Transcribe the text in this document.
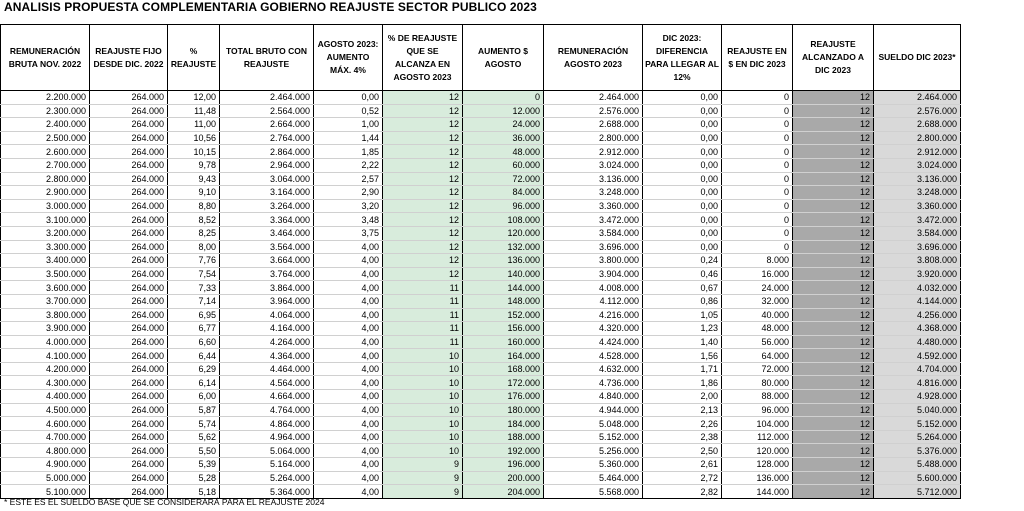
ANALISIS PROPUESTA COMPLEMENTARIA GOBIERNO REAJUSTE SECTOR PUBLICO 2023
REMUNERACIÓN BRUTA NOV. 2022	REAJUSTE FIJO DESDE DIC. 2022	% REAJUSTE	TOTAL BRUTO CON REAJUSTE	AGOSTO 2023: AUMENTO MÁX. 4%	% DE REAJUSTE QUE SE ALCANZA EN AGOSTO 2023	AUMENTO $ AGOSTO	REMUNERACIÓN AGOSTO 2023	DIC 2023: DIFERENCIA PARA LLEGAR AL 12%	REAJUSTE EN $ EN DIC 2023	REAJUSTE ALCANZADO A DIC 2023	SUELDO DIC 2023*
2.200.000	264.000	12,00	2.464.000	0,00	12	0	2.464.000	0,00	0	12	2.464.000
2.300.000	264.000	11,48	2.564.000	0,52	12	12.000	2.576.000	0,00	0	12	2.576.000
2.400.000	264.000	11,00	2.664.000	1,00	12	24.000	2.688.000	0,00	0	12	2.688.000
2.500.000	264.000	10,56	2.764.000	1,44	12	36.000	2.800.000	0,00	0	12	2.800.000
2.600.000	264.000	10,15	2.864.000	1,85	12	48.000	2.912.000	0,00	0	12	2.912.000
2.700.000	264.000	9,78	2.964.000	2,22	12	60.000	3.024.000	0,00	0	12	3.024.000
2.800.000	264.000	9,43	3.064.000	2,57	12	72.000	3.136.000	0,00	0	12	3.136.000
2.900.000	264.000	9,10	3.164.000	2,90	12	84.000	3.248.000	0,00	0	12	3.248.000
3.000.000	264.000	8,80	3.264.000	3,20	12	96.000	3.360.000	0,00	0	12	3.360.000
3.100.000	264.000	8,52	3.364.000	3,48	12	108.000	3.472.000	0,00	0	12	3.472.000
3.200.000	264.000	8,25	3.464.000	3,75	12	120.000	3.584.000	0,00	0	12	3.584.000
3.300.000	264.000	8,00	3.564.000	4,00	12	132.000	3.696.000	0,00	0	12	3.696.000
3.400.000	264.000	7,76	3.664.000	4,00	12	136.000	3.800.000	0,24	8.000	12	3.808.000
3.500.000	264.000	7,54	3.764.000	4,00	12	140.000	3.904.000	0,46	16.000	12	3.920.000
3.600.000	264.000	7,33	3.864.000	4,00	11	144.000	4.008.000	0,67	24.000	12	4.032.000
3.700.000	264.000	7,14	3.964.000	4,00	11	148.000	4.112.000	0,86	32.000	12	4.144.000
3.800.000	264.000	6,95	4.064.000	4,00	11	152.000	4.216.000	1,05	40.000	12	4.256.000
3.900.000	264.000	6,77	4.164.000	4,00	11	156.000	4.320.000	1,23	48.000	12	4.368.000
4.000.000	264.000	6,60	4.264.000	4,00	11	160.000	4.424.000	1,40	56.000	12	4.480.000
4.100.000	264.000	6,44	4.364.000	4,00	10	164.000	4.528.000	1,56	64.000	12	4.592.000
4.200.000	264.000	6,29	4.464.000	4,00	10	168.000	4.632.000	1,71	72.000	12	4.704.000
4.300.000	264.000	6,14	4.564.000	4,00	10	172.000	4.736.000	1,86	80.000	12	4.816.000
4.400.000	264.000	6,00	4.664.000	4,00	10	176.000	4.840.000	2,00	88.000	12	4.928.000
4.500.000	264.000	5,87	4.764.000	4,00	10	180.000	4.944.000	2,13	96.000	12	5.040.000
4.600.000	264.000	5,74	4.864.000	4,00	10	184.000	5.048.000	2,26	104.000	12	5.152.000
4.700.000	264.000	5,62	4.964.000	4,00	10	188.000	5.152.000	2,38	112.000	12	5.264.000
4.800.000	264.000	5,50	5.064.000	4,00	10	192.000	5.256.000	2,50	120.000	12	5.376.000
4.900.000	264.000	5,39	5.164.000	4,00	9	196.000	5.360.000	2,61	128.000	12	5.488.000
5.000.000	264.000	5,28	5.264.000	4,00	9	200.000	5.464.000	2,72	136.000	12	5.600.000
5.100.000	264.000	5,18	5.364.000	4,00	9	204.000	5.568.000	2,82	144.000	12	5.712.000
* ESTE ES EL SUELDO BASE QUE SE CONSIDERARÁ PARA EL REAJUSTE 2024
